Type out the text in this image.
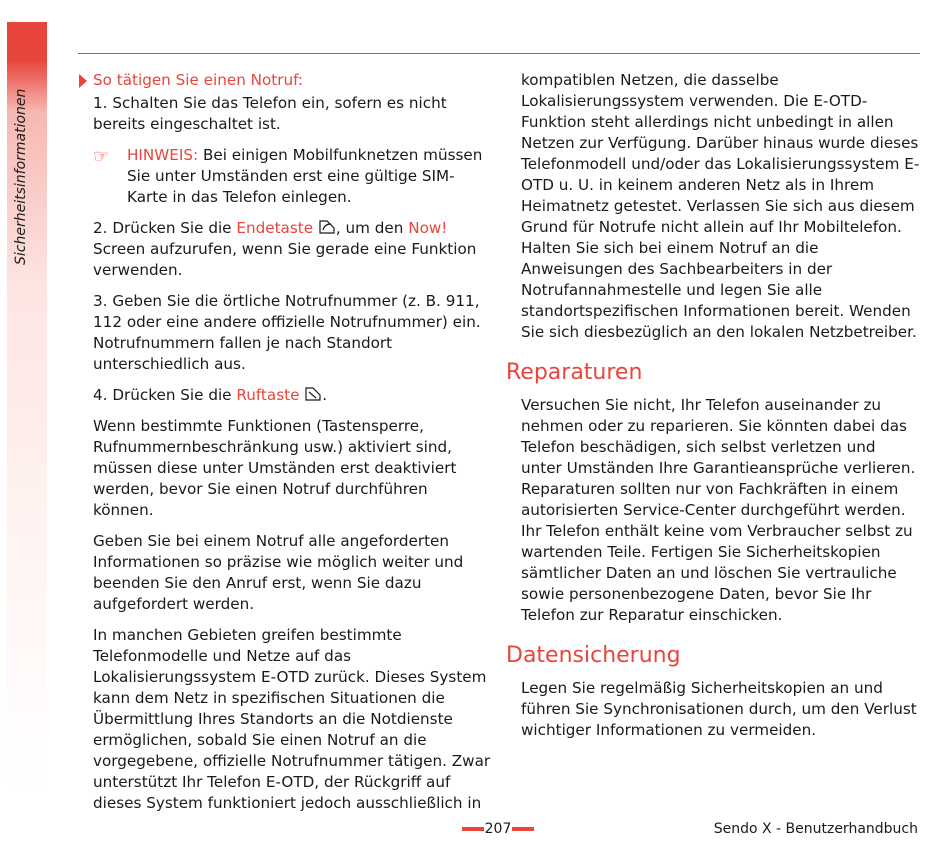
Sicherheitsinformationen
So tätigen Sie einen Notruf:

1. Schalten Sie das Telefon ein, sofern es nicht bereits eingeschaltet ist.

☞ HINWEIS: Bei einigen Mobilfunknetzen müssen Sie unter Umständen erst eine gültige SIM-Karte in das Telefon einlegen.

2. Drücken Sie die Endetaste , um den Now! Screen aufzurufen, wenn Sie gerade eine Funktion verwenden.

3. Geben Sie die örtliche Notrufnummer (z. B. 911, 112 oder eine andere offizielle Notrufnummer) ein. Notrufnummern fallen je nach Standort unterschiedlich aus.

4. Drücken Sie die Ruftaste .

Wenn bestimmte Funktionen (Tastensperre, Rufnummernbeschränkung usw.) aktiviert sind, müssen diese unter Umständen erst deaktiviert werden, bevor Sie einen Notruf durchführen können.

Geben Sie bei einem Notruf alle angeforderten Informationen so präzise wie möglich weiter und beenden Sie den Anruf erst, wenn Sie dazu aufgefordert werden.

In manchen Gebieten greifen bestimmte Telefonmodelle und Netze auf das Lokalisierungssystem E-OTD zurück. Dieses System kann dem Netz in spezifischen Situationen die Übermittlung Ihres Standorts an die Notdienste ermöglichen, sobald Sie einen Notruf an die vorgegebene, offizielle Notrufnummer tätigen. Zwar unterstützt Ihr Telefon E-OTD, der Rückgriff auf dieses System funktioniert jedoch ausschließlich in

kompatiblen Netzen, die dasselbe Lokalisierungssystem verwenden. Die E-OTD-Funktion steht allerdings nicht unbedingt in allen Netzen zur Verfügung. Darüber hinaus wurde dieses Telefonmodell und/oder das Lokalisierungssystem E-OTD u. U. in keinem anderen Netz als in Ihrem Heimatnetz getestet. Verlassen Sie sich aus diesem Grund für Notrufe nicht allein auf Ihr Mobiltelefon. Halten Sie sich bei einem Notruf an die Anweisungen des Sachbearbeiters in der Notrufannahmestelle und legen Sie alle standortspezifischen Informationen bereit. Wenden Sie sich diesbezüglich an den lokalen Netzbetreiber.

Reparaturen

Versuchen Sie nicht, Ihr Telefon auseinander zu nehmen oder zu reparieren. Sie könnten dabei das Telefon beschädigen, sich selbst verletzen und unter Umständen Ihre Garantieansprüche verlieren. Reparaturen sollten nur von Fachkräften in einem autorisierten Service-Center durchgeführt werden. Ihr Telefon enthält keine vom Verbraucher selbst zu wartenden Teile. Fertigen Sie Sicherheitskopien sämtlicher Daten an und löschen Sie vertrauliche sowie personenbezogene Daten, bevor Sie Ihr Telefon zur Reparatur einschicken.

Datensicherung

Legen Sie regelmäßig Sicherheitskopien an und führen Sie Synchronisationen durch, um den Verlust wichtiger Informationen zu vermeiden.

207	Sendo X - Benutzerhandbuch
